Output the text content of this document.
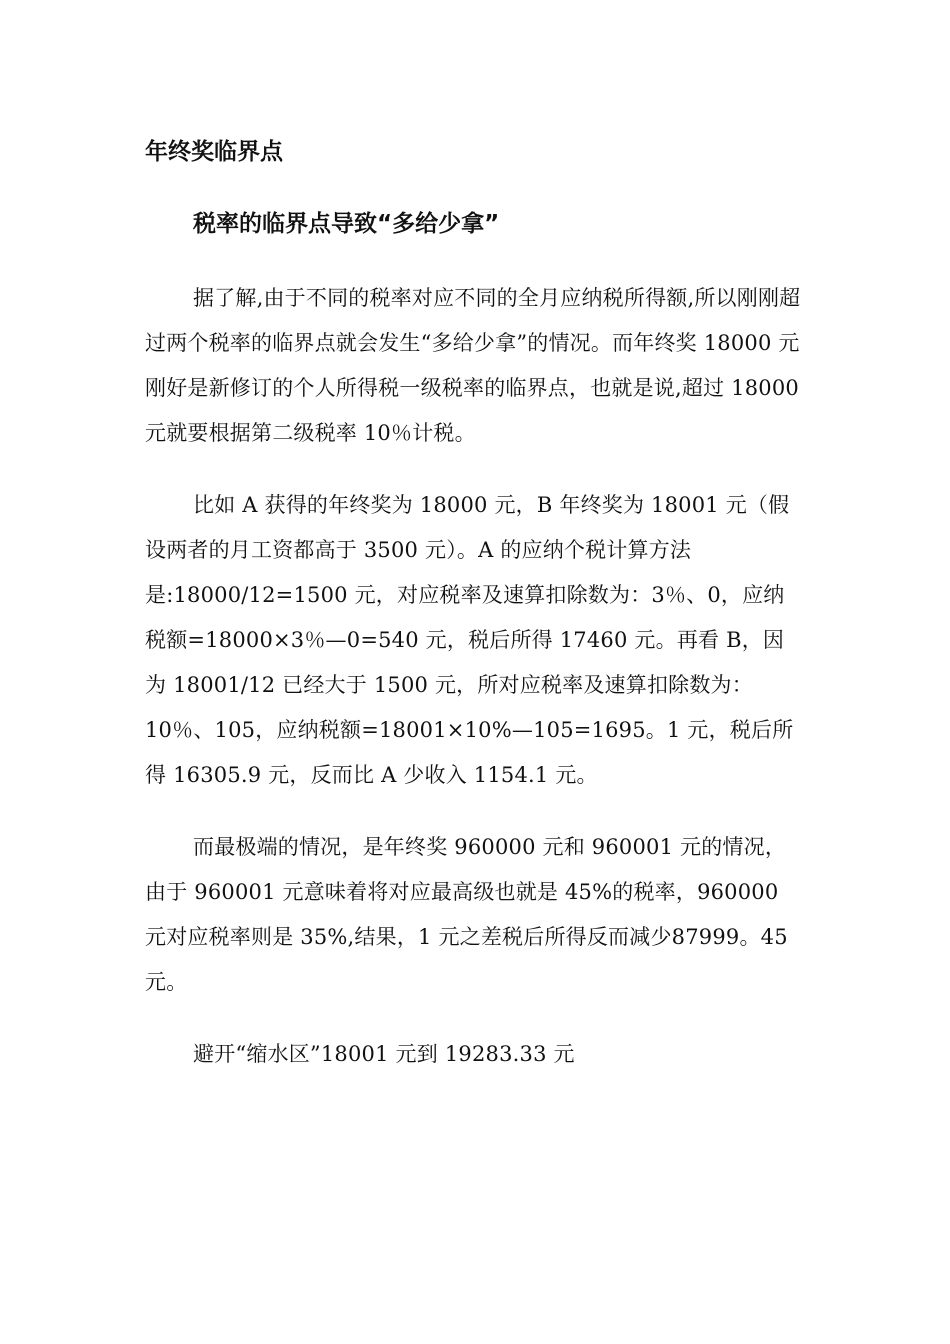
年终奖临界点
税率的临界点导致“多给少拿”

据了解,由于不同的税率对应不同的全月应纳税所得额,所以刚刚超过两个税率的临界点就会发生“多给少拿”的情况。而年终奖 18000 元刚好是新修订的个人所得税一级税率的临界点，也就是说,超过 18000 元就要根据第二级税率 10％计税。

比如 A 获得的年终奖为 18000 元，B 年终奖为 18001 元（假设两者的月工资都高于 3500 元）。A 的应纳个税计算方法是:18000/12=1500 元，对应税率及速算扣除数为：3％、0，应纳税额=18000×3％—0=540 元，税后所得 17460 元。再看 B，因为 18001/12 已经大于 1500 元，所对应税率及速算扣除数为：10％、105，应纳税额=18001×10%—105=1695。1 元，税后所得 16305.9 元，反而比 A 少收入 1154.1 元。

而最极端的情况，是年终奖 960000 元和 960001 元的情况，由于 960001 元意味着将对应最高级也就是 45%的税率，960000 元对应税率则是 35%,结果，1 元之差税后所得反而减少87999。45 元。

避开“缩水区”18001 元到 19283.33 元
